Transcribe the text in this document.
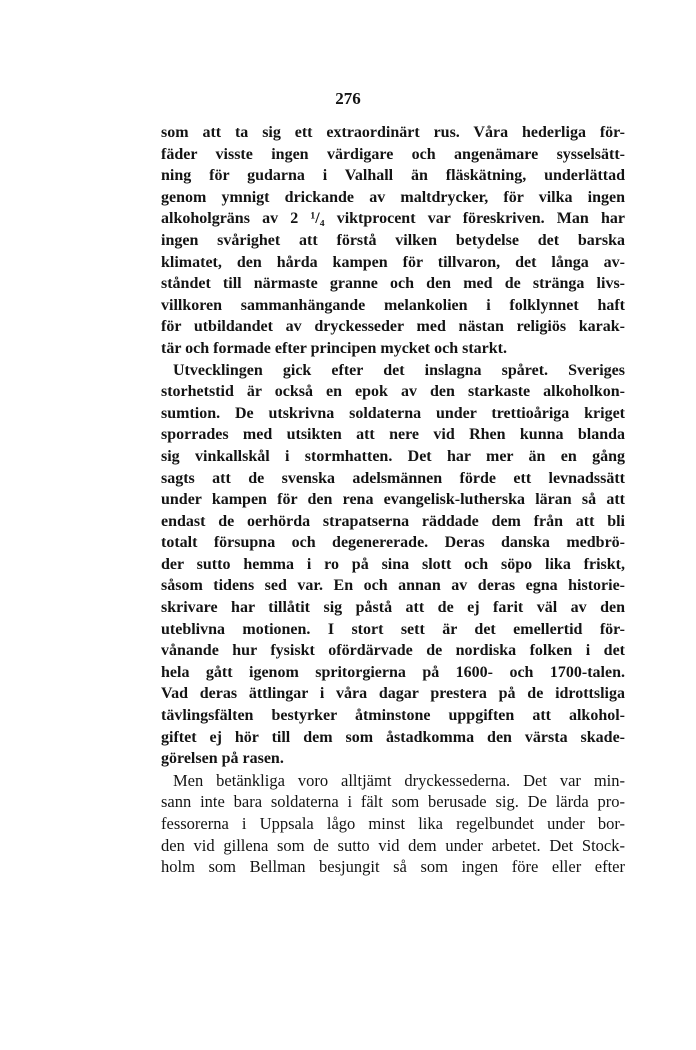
276
som att ta sig ett extraordinärt rus. Våra hederliga för-
fäder visste ingen värdigare och angenämare sysselsätt-
ning för gudarna i Valhall än fläskätning, underlättad
genom ymnigt drickande av maltdrycker, för vilka ingen
alkoholgräns av 2 ¹/₄ viktprocent var föreskriven. Man har
ingen svårighet att förstå vilken betydelse det barska
klimatet, den hårda kampen för tillvaron, det långa av-
ståndet till närmaste granne och den med de stränga livs-
villkoren sammanhängande melankolien i folklynnet haft
för utbildandet av dryckesseder med nästan religiös karak-
tär och formade efter principen mycket och starkt.
Utvecklingen gick efter det inslagna spåret. Sveriges
storhetstid är också en epok av den starkaste alkoholkon-
sumtion. De utskrivna soldaterna under trettioåriga kriget
sporrades med utsikten att nere vid Rhen kunna blanda
sig vinkallskål i stormhatten. Det har mer än en gång
sagts att de svenska adelsmännen förde ett levnadssätt
under kampen för den rena evangelisk-lutherska läran så att
endast de oerhörda strapatserna räddade dem från att bli
totalt försupna och degenererade. Deras danska medbrö-
der sutto hemma i ro på sina slott och söpo lika friskt,
såsom tidens sed var. En och annan av deras egna historie-
skrivare har tillåtit sig påstå att de ej farit väl av den
uteblivna motionen. I stort sett är det emellertid för-
vånande hur fysiskt ofördärvade de nordiska folken i det
hela gått igenom spritorgierna på 1600- och 1700-talen.
Vad deras ättlingar i våra dagar prestera på de idrottsliga
tävlingsfälten bestyrker åtminstone uppgiften att alkohol-
giftet ej hör till dem som åstadkomma den värsta skade-
görelsen på rasen.
Men betänkliga voro alltjämt dryckessederna. Det var min-
sann inte bara soldaterna i fält som berusade sig. De lärda pro-
fessorerna i Uppsala lågo minst lika regelbundet under bor-
den vid gillena som de sutto vid dem under arbetet. Det Stock-
holm som Bellman besjungit så som ingen före eller efter
